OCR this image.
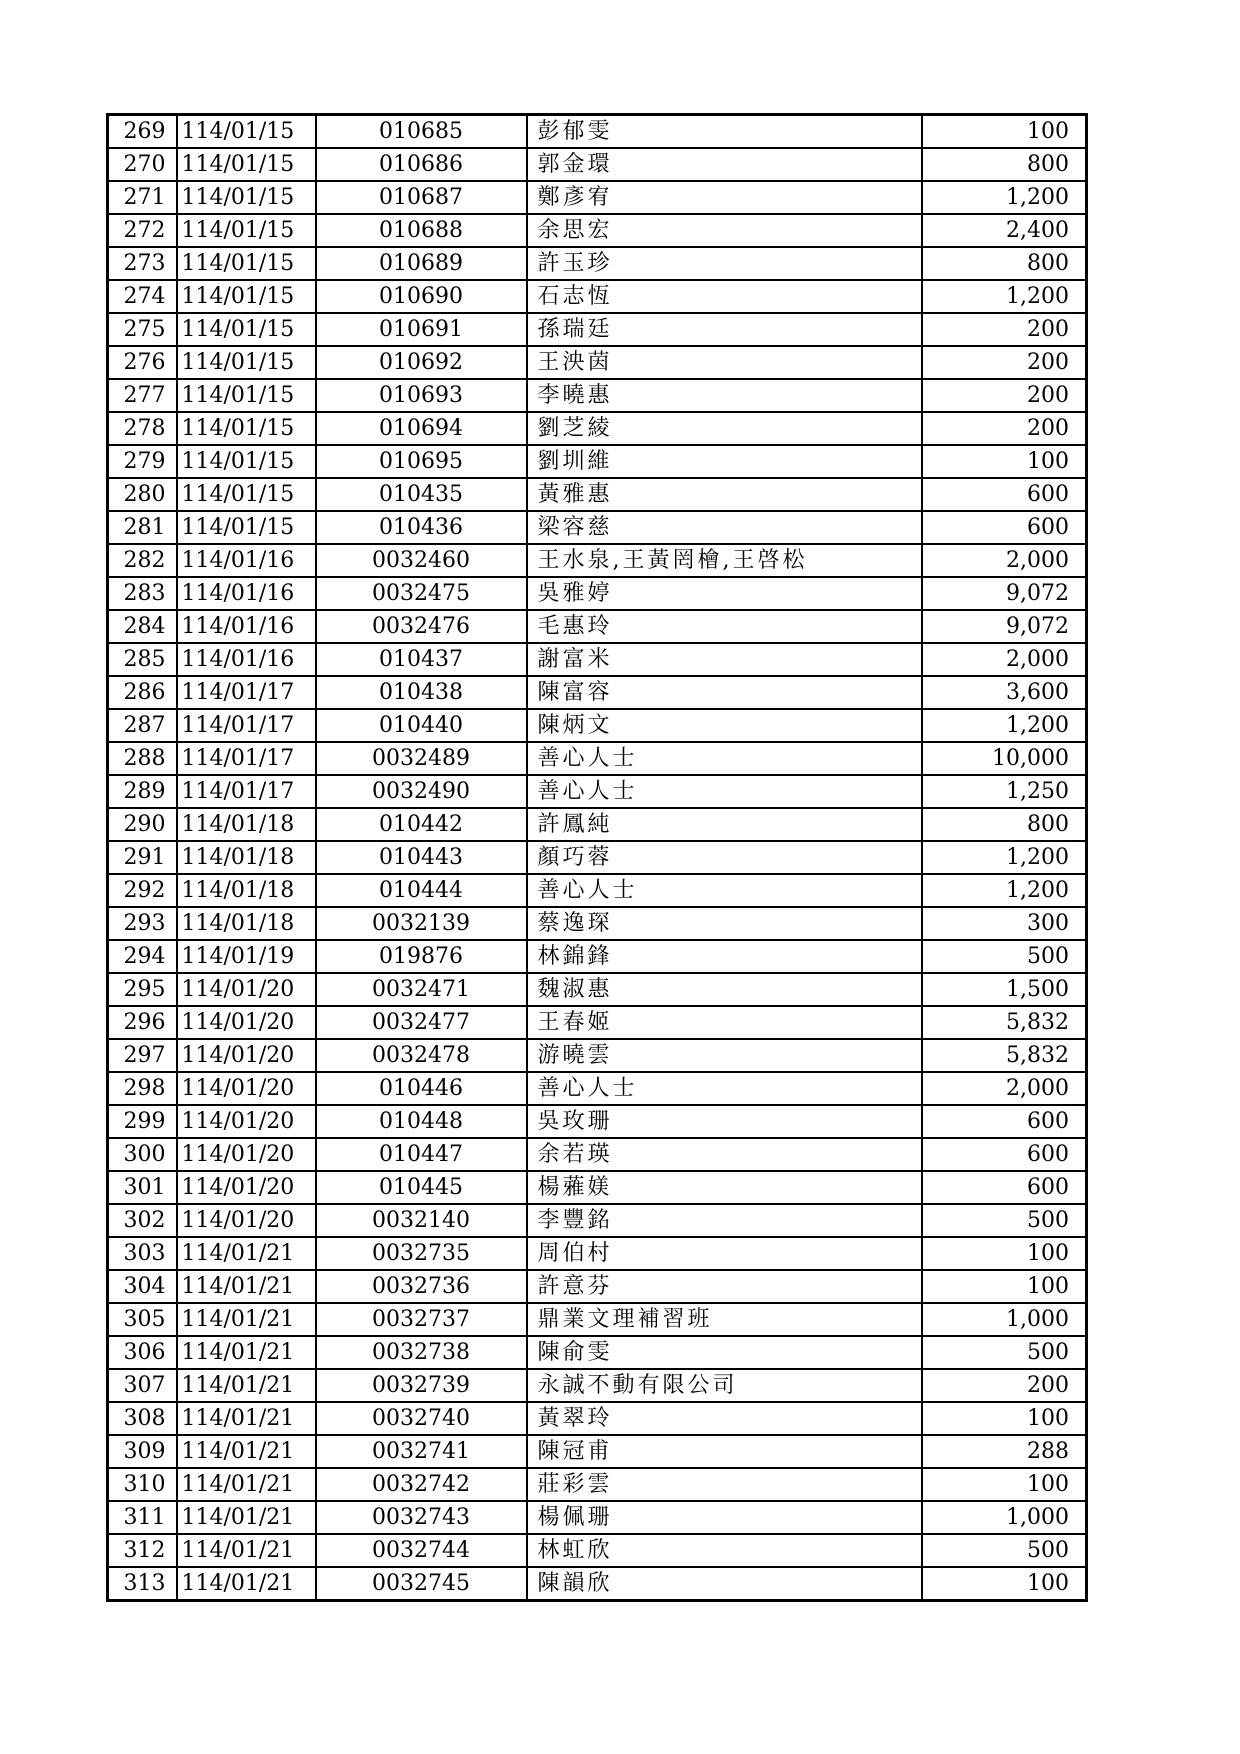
269	114/01/15	010685	彭郁雯	100
270	114/01/15	010686	郭金環	800
271	114/01/15	010687	鄭彥宥	1,200
272	114/01/15	010688	余思宏	2,400
273	114/01/15	010689	許玉珍	800
274	114/01/15	010690	石志恆	1,200
275	114/01/15	010691	孫瑞廷	200
276	114/01/15	010692	王泱茵	200
277	114/01/15	010693	李曉惠	200
278	114/01/15	010694	劉芝綾	200
279	114/01/15	010695	劉圳維	100
280	114/01/15	010435	黃雅惠	600
281	114/01/15	010436	梁容慈	600
282	114/01/16	0032460	王水泉,王黃罔檜,王啓松	2,000
283	114/01/16	0032475	吳雅婷	9,072
284	114/01/16	0032476	毛惠玲	9,072
285	114/01/16	010437	謝富米	2,000
286	114/01/17	010438	陳富容	3,600
287	114/01/17	010440	陳炳文	1,200
288	114/01/17	0032489	善心人士	10,000
289	114/01/17	0032490	善心人士	1,250
290	114/01/18	010442	許鳳純	800
291	114/01/18	010443	顏巧蓉	1,200
292	114/01/18	010444	善心人士	1,200
293	114/01/18	0032139	蔡逸琛	300
294	114/01/19	019876	林錦鋒	500
295	114/01/20	0032471	魏淑惠	1,500
296	114/01/20	0032477	王春姬	5,832
297	114/01/20	0032478	游曉雲	5,832
298	114/01/20	010446	善心人士	2,000
299	114/01/20	010448	吳玫珊	600
300	114/01/20	010447	余若瑛	600
301	114/01/20	010445	楊蕥媄	600
302	114/01/20	0032140	李豐銘	500
303	114/01/21	0032735	周伯村	100
304	114/01/21	0032736	許意芬	100
305	114/01/21	0032737	鼎業文理補習班	1,000
306	114/01/21	0032738	陳俞雯	500
307	114/01/21	0032739	永誠不動有限公司	200
308	114/01/21	0032740	黃翠玲	100
309	114/01/21	0032741	陳冠甫	288
310	114/01/21	0032742	莊彩雲	100
311	114/01/21	0032743	楊佩珊	1,000
312	114/01/21	0032744	林虹欣	500
313	114/01/21	0032745	陳韻欣	100
